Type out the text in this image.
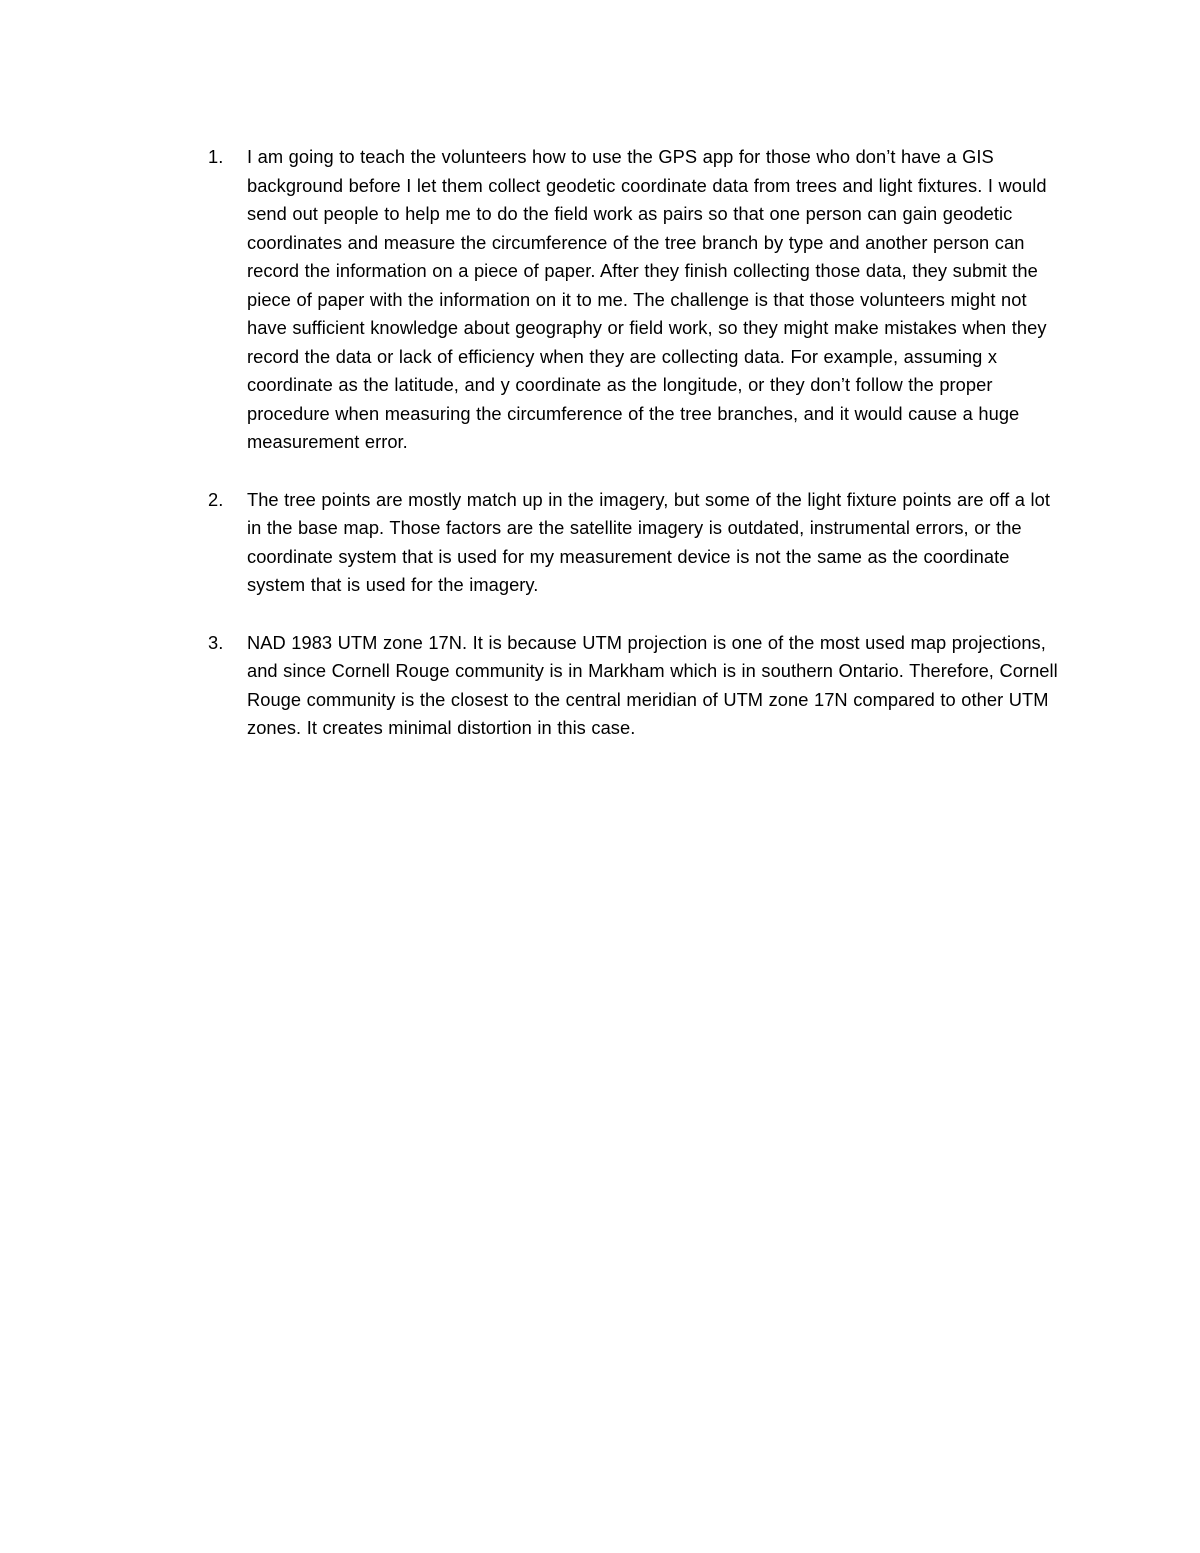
1.	I am going to teach the volunteers how to use the GPS app for those who don’t have a GIS background before I let them collect geodetic coordinate data from trees and light fixtures. I would send out people to help me to do the field work as pairs so that one person can gain geodetic coordinates and measure the circumference of the tree branch by type and another person can record the information on a piece of paper. After they finish collecting those data, they submit the piece of paper with the information on it to me. The challenge is that those volunteers might not have sufficient knowledge about geography or field work, so they might make mistakes when they record the data or lack of efficiency when they are collecting data. For example, assuming x coordinate as the latitude, and y coordinate as the longitude, or they don’t follow the proper procedure when measuring the circumference of the tree branches, and it would cause a huge measurement error.
2.	The tree points are mostly match up in the imagery, but some of the light fixture points are off a lot in the base map. Those factors are the satellite imagery is outdated, instrumental errors, or the coordinate system that is used for my measurement device is not the same as the coordinate system that is used for the imagery.
3.	NAD 1983 UTM zone 17N. It is because UTM projection is one of the most used map projections, and since Cornell Rouge community is in Markham which is in southern Ontario. Therefore, Cornell Rouge community is the closest to the central meridian of UTM zone 17N compared to other UTM zones. It creates minimal distortion in this case.
